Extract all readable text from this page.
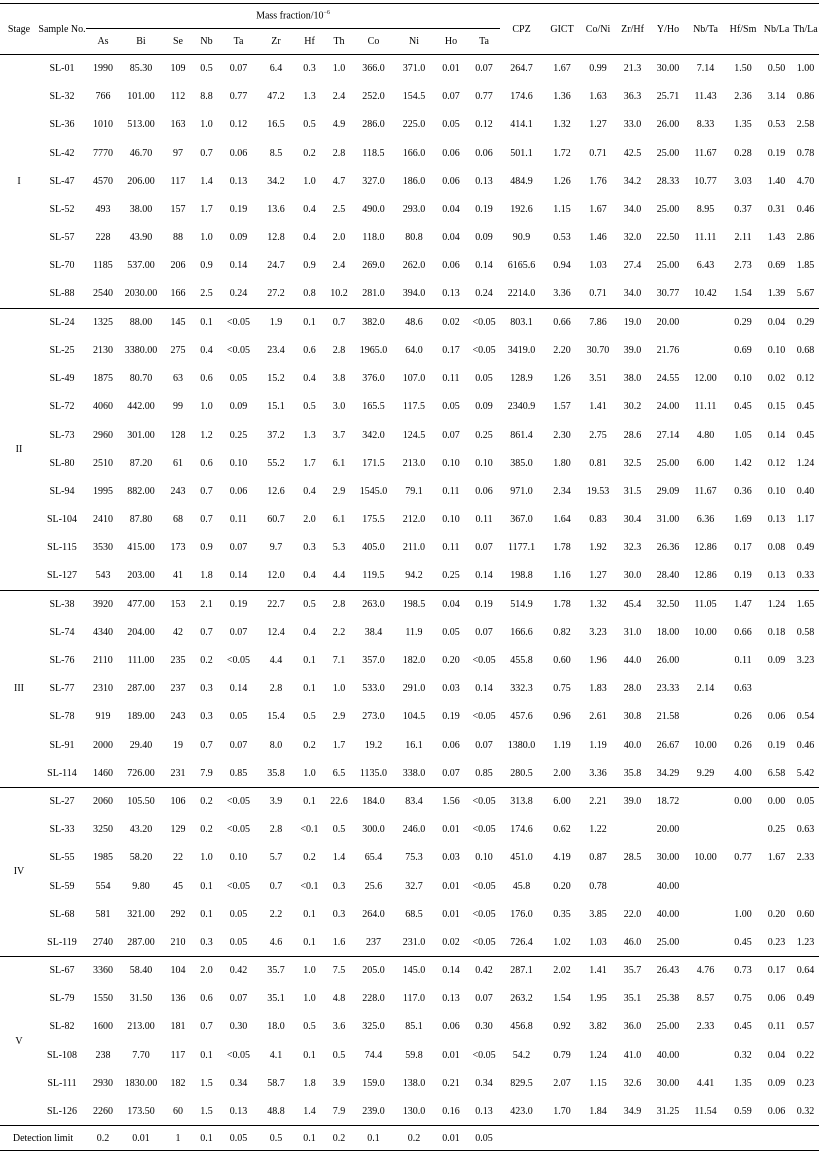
Stage	Sample No.	Mass fraction/$10^{-6}$												CPZ	GICT	Co/Ni	Zr/Hf	Y/Ho	Nb/Ta	Hf/Sm	Nb/La	Th/La
		As	Bi	Se	Nb	Ta	Zr	Hf	Th	Co	Ni	Ho	Ta									
I	SL-01	1990	85.30	109	0.5	0.07	6.4	0.3	1.0	366.0	371.0	0.01	0.07	264.7	1.67	0.99	21.3	30.00	7.14	1.50	0.50	1.00
	SL-32	766	101.00	112	8.8	0.77	47.2	1.3	2.4	252.0	154.5	0.07	0.77	174.6	1.36	1.63	36.3	25.71	11.43	2.36	3.14	0.86
	SL-36	1010	513.00	163	1.0	0.12	16.5	0.5	4.9	286.0	225.0	0.05	0.12	414.1	1.32	1.27	33.0	26.00	8.33	1.35	0.53	2.58
	SL-42	7770	46.70	97	0.7	0.06	8.5	0.2	2.8	118.5	166.0	0.06	0.06	501.1	1.72	0.71	42.5	25.00	11.67	0.28	0.19	0.78
	SL-47	4570	206.00	117	1.4	0.13	34.2	1.0	4.7	327.0	186.0	0.06	0.13	484.9	1.26	1.76	34.2	28.33	10.77	3.03	1.40	4.70
	SL-52	493	38.00	157	1.7	0.19	13.6	0.4	2.5	490.0	293.0	0.04	0.19	192.6	1.15	1.67	34.0	25.00	8.95	0.37	0.31	0.46
	SL-57	228	43.90	88	1.0	0.09	12.8	0.4	2.0	118.0	80.8	0.04	0.09	90.9	0.53	1.46	32.0	22.50	11.11	2.11	1.43	2.86
	SL-70	1185	537.00	206	0.9	0.14	24.7	0.9	2.4	269.0	262.0	0.06	0.14	6165.6	0.94	1.03	27.4	25.00	6.43	2.73	0.69	1.85
	SL-88	2540	2030.00	166	2.5	0.24	27.2	0.8	10.2	281.0	394.0	0.13	0.24	2214.0	3.36	0.71	34.0	30.77	10.42	1.54	1.39	5.67
II	SL-24	1325	88.00	145	0.1	<0.05	1.9	0.1	0.7	382.0	48.6	0.02	<0.05	803.1	0.66	7.86	19.0	20.00		0.29	0.04	0.29
	SL-25	2130	3380.00	275	0.4	<0.05	23.4	0.6	2.8	1965.0	64.0	0.17	<0.05	3419.0	2.20	30.70	39.0	21.76		0.69	0.10	0.68
	SL-49	1875	80.70	63	0.6	0.05	15.2	0.4	3.8	376.0	107.0	0.11	0.05	128.9	1.26	3.51	38.0	24.55	12.00	0.10	0.02	0.12
	SL-72	4060	442.00	99	1.0	0.09	15.1	0.5	3.0	165.5	117.5	0.05	0.09	2340.9	1.57	1.41	30.2	24.00	11.11	0.45	0.15	0.45
	SL-73	2960	301.00	128	1.2	0.25	37.2	1.3	3.7	342.0	124.5	0.07	0.25	861.4	2.30	2.75	28.6	27.14	4.80	1.05	0.14	0.45
	SL-80	2510	87.20	61	0.6	0.10	55.2	1.7	6.1	171.5	213.0	0.10	0.10	385.0	1.80	0.81	32.5	25.00	6.00	1.42	0.12	1.24
	SL-94	1995	882.00	243	0.7	0.06	12.6	0.4	2.9	1545.0	79.1	0.11	0.06	971.0	2.34	19.53	31.5	29.09	11.67	0.36	0.10	0.40
	SL-104	2410	87.80	68	0.7	0.11	60.7	2.0	6.1	175.5	212.0	0.10	0.11	367.0	1.64	0.83	30.4	31.00	6.36	1.69	0.13	1.17
	SL-115	3530	415.00	173	0.9	0.07	9.7	0.3	5.3	405.0	211.0	0.11	0.07	1177.1	1.78	1.92	32.3	26.36	12.86	0.17	0.08	0.49
	SL-127	543	203.00	41	1.8	0.14	12.0	0.4	4.4	119.5	94.2	0.25	0.14	198.8	1.16	1.27	30.0	28.40	12.86	0.19	0.13	0.33
III	SL-38	3920	477.00	153	2.1	0.19	22.7	0.5	2.8	263.0	198.5	0.04	0.19	514.9	1.78	1.32	45.4	32.50	11.05	1.47	1.24	1.65
	SL-74	4340	204.00	42	0.7	0.07	12.4	0.4	2.2	38.4	11.9	0.05	0.07	166.6	0.82	3.23	31.0	18.00	10.00	0.66	0.18	0.58
	SL-76	2110	111.00	235	0.2	<0.05	4.4	0.1	7.1	357.0	182.0	0.20	<0.05	455.8	0.60	1.96	44.0	26.00		0.11	0.09	3.23
	SL-77	2310	287.00	237	0.3	0.14	2.8	0.1	1.0	533.0	291.0	0.03	0.14	332.3	0.75	1.83	28.0	23.33	2.14	0.63		
	SL-78	919	189.00	243	0.3	0.05	15.4	0.5	2.9	273.0	104.5	0.19	<0.05	457.6	0.96	2.61	30.8	21.58		0.26	0.06	0.54
	SL-91	2000	29.40	19	0.7	0.07	8.0	0.2	1.7	19.2	16.1	0.06	0.07	1380.0	1.19	1.19	40.0	26.67	10.00	0.26	0.19	0.46
	SL-114	1460	726.00	231	7.9	0.85	35.8	1.0	6.5	1135.0	338.0	0.07	0.85	280.5	2.00	3.36	35.8	34.29	9.29	4.00	6.58	5.42
IV	SL-27	2060	105.50	106	0.2	<0.05	3.9	0.1	22.6	184.0	83.4	1.56	<0.05	313.8	6.00	2.21	39.0	18.72		0.00	0.00	0.05
	SL-33	3250	43.20	129	0.2	<0.05	2.8	<0.1	0.5	300.0	246.0	0.01	<0.05	174.6	0.62	1.22		20.00			0.25	0.63
	SL-55	1985	58.20	22	1.0	0.10	5.7	0.2	1.4	65.4	75.3	0.03	0.10	451.0	4.19	0.87	28.5	30.00	10.00	0.77	1.67	2.33
	SL-59	554	9.80	45	0.1	<0.05	0.7	<0.1	0.3	25.6	32.7	0.01	<0.05	45.8	0.20	0.78		40.00				
	SL-68	581	321.00	292	0.1	0.05	2.2	0.1	0.3	264.0	68.5	0.01	<0.05	176.0	0.35	3.85	22.0	40.00		1.00	0.20	0.60
	SL-119	2740	287.00	210	0.3	0.05	4.6	0.1	1.6	237	231.0	0.02	<0.05	726.4	1.02	1.03	46.0	25.00		0.45	0.23	1.23
V	SL-67	3360	58.40	104	2.0	0.42	35.7	1.0	7.5	205.0	145.0	0.14	0.42	287.1	2.02	1.41	35.7	26.43	4.76	0.73	0.17	0.64
	SL-79	1550	31.50	136	0.6	0.07	35.1	1.0	4.8	228.0	117.0	0.13	0.07	263.2	1.54	1.95	35.1	25.38	8.57	0.75	0.06	0.49
	SL-82	1600	213.00	181	0.7	0.30	18.0	0.5	3.6	325.0	85.1	0.06	0.30	456.8	0.92	3.82	36.0	25.00	2.33	0.45	0.11	0.57
	SL-108	238	7.70	117	0.1	<0.05	4.1	0.1	0.5	74.4	59.8	0.01	<0.05	54.2	0.79	1.24	41.0	40.00		0.32	0.04	0.22
	SL-111	2930	1830.00	182	1.5	0.34	58.7	1.8	3.9	159.0	138.0	0.21	0.34	829.5	2.07	1.15	32.6	30.00	4.41	1.35	0.09	0.23
	SL-126	2260	173.50	60	1.5	0.13	48.8	1.4	7.9	239.0	130.0	0.16	0.13	423.0	1.70	1.84	34.9	31.25	11.54	0.59	0.06	0.32
Detection limit		0.2	0.01	1	0.1	0.05	0.5	0.1	0.2	0.1	0.2	0.01	0.05									
